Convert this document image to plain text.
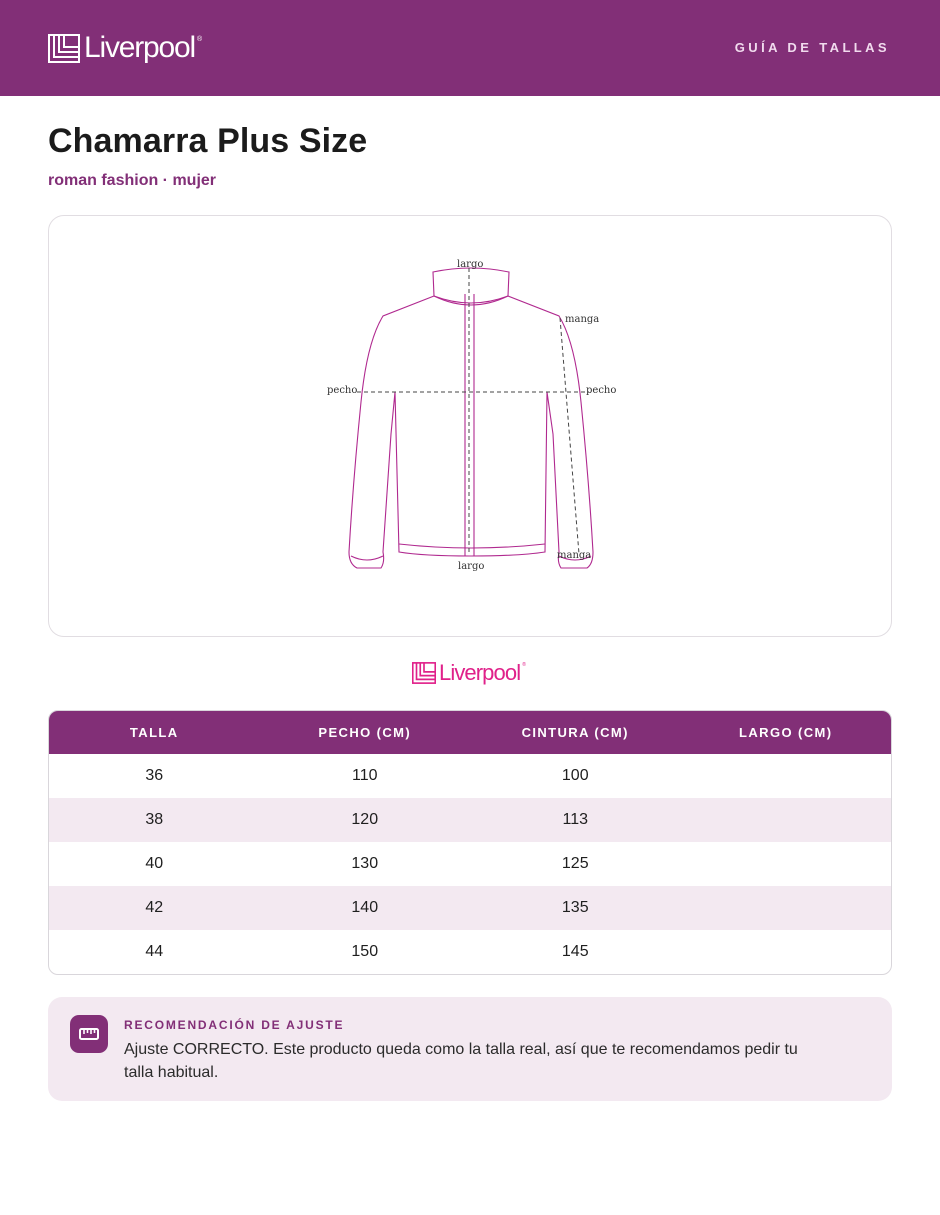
Liverpool ®
GUÍA DE TALLAS
Chamarra Plus Size
roman fashion · mujer
largo
manga
pecho	pecho
manga
largo
Liverpool ®
TALLA	PECHO (CM)	CINTURA (CM)	LARGO (CM)
36	110	100
38	120	113
40	130	125
42	140	135
44	150	145
RECOMENDACIÓN DE AJUSTE
Ajuste CORRECTO. Este producto queda como la talla real, así que te recomendamos pedir tu talla habitual.
